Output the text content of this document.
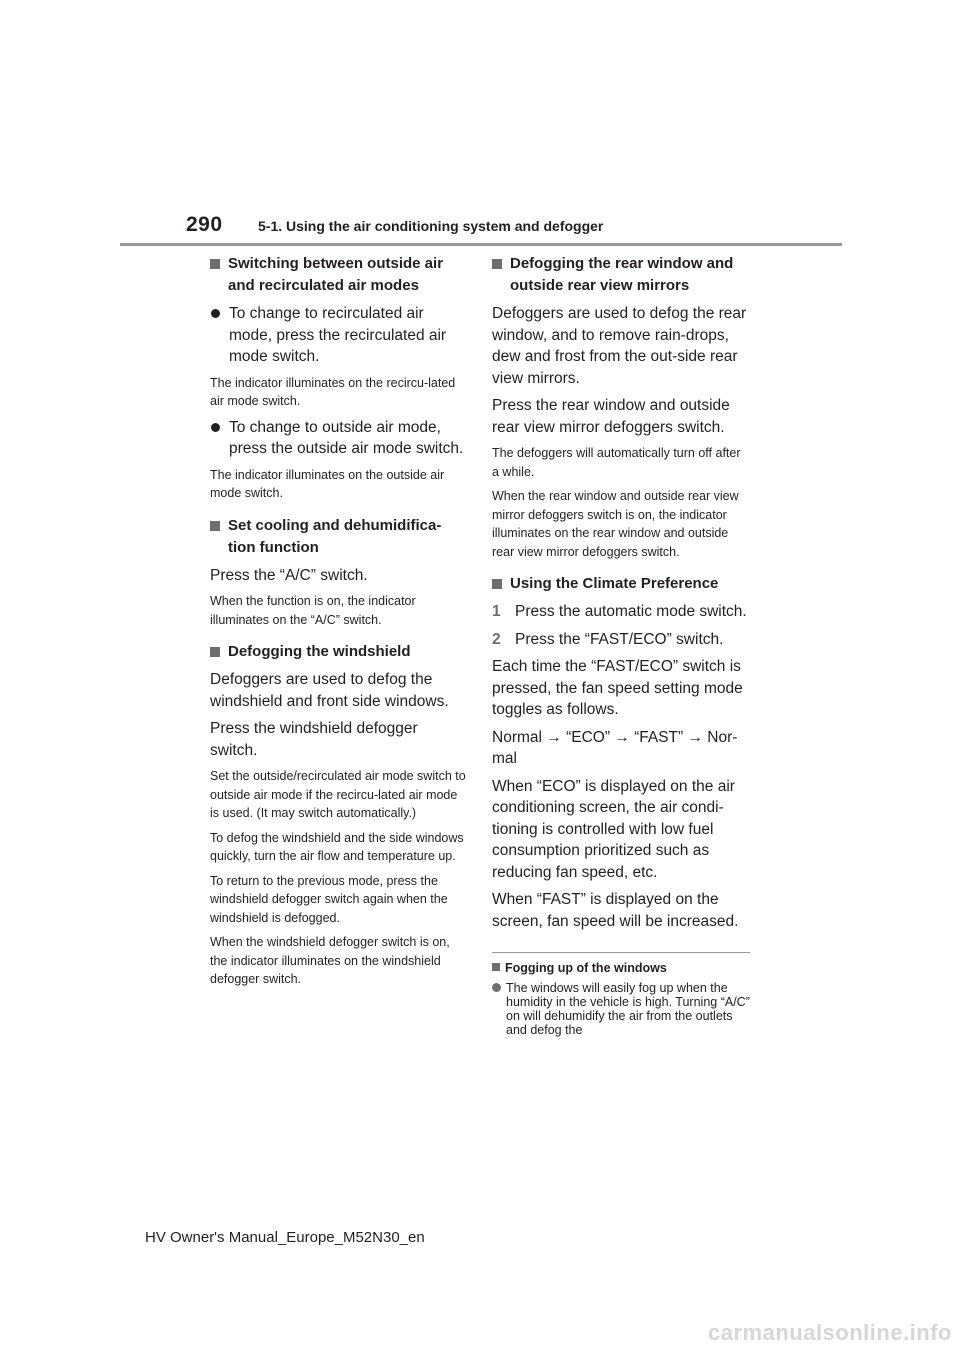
290	5-1. Using the air conditioning system and defogger
Switching between outside air and recirculated air modes
To change to recirculated air mode, press the recirculated air mode switch.

The indicator illuminates on the recircu-lated air mode switch.

To change to outside air mode, press the outside air mode switch.

The indicator illuminates on the outside air mode switch.

Set cooling and dehumidifica-tion function

Press the “A/C” switch.

When the function is on, the indicator illuminates on the “A/C” switch.

Defogging the windshield

Defoggers are used to defog the windshield and front side windows.

Press the windshield defogger switch.

Set the outside/recirculated air mode switch to outside air mode if the recircu-lated air mode is used. (It may switch automatically.)

To defog the windshield and the side windows quickly, turn the air flow and temperature up.

To return to the previous mode, press the windshield defogger switch again when the windshield is defogged.

When the windshield defogger switch is on, the indicator illuminates on the windshield defogger switch.

Defogging the rear window and outside rear view mirrors

Defoggers are used to defog the rear window, and to remove rain-drops, dew and frost from the out-side rear view mirrors.

Press the rear window and outside rear view mirror defoggers switch.

The defoggers will automatically turn off after a while.

When the rear window and outside rear view mirror defoggers switch is on, the indicator illuminates on the rear window and outside rear view mirror defoggers switch.

Using the Climate Preference
1 Press the automatic mode switch.
2 Press the “FAST/ECO” switch.

Each time the “FAST/ECO” switch is pressed, the fan speed setting mode toggles as follows.

Normal → “ECO” → “FAST” → Nor-mal

When “ECO” is displayed on the air conditioning screen, the air condi-tioning is controlled with low fuel consumption prioritized such as reducing fan speed, etc.

When “FAST” is displayed on the screen, fan speed will be increased.

Fogging up of the windows
The windows will easily fog up when the humidity in the vehicle is high. Turning “A/C” on will dehumidify the air from the outlets and defog the
HV Owner's Manual_Europe_M52N30_en
carmanualsonline.info
